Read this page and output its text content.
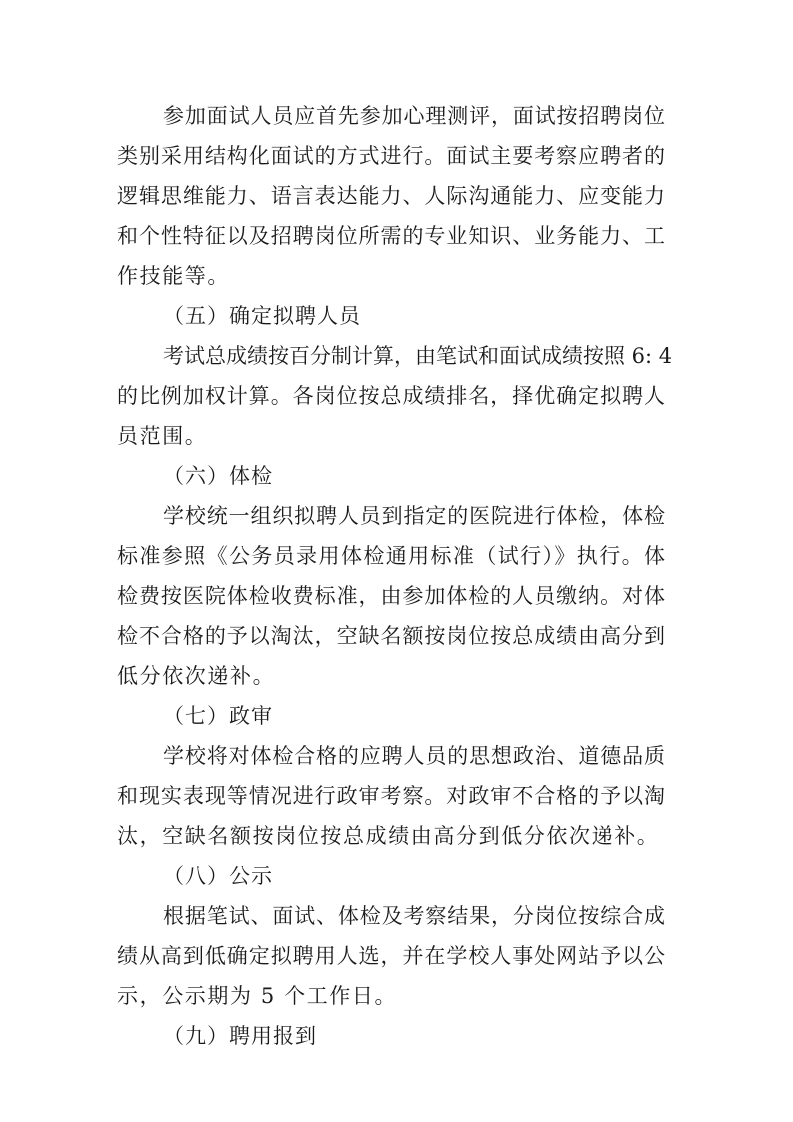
参加面试人员应首先参加心理测评，面试按招聘岗位
类别采用结构化面试的方式进行。面试主要考察应聘者的
逻辑思维能力、语言表达能力、人际沟通能力、应变能力
和个性特征以及招聘岗位所需的专业知识、业务能力、工
作技能等。
（五）确定拟聘人员
考试总成绩按百分制计算，由笔试和面试成绩按照 6: 4
的比例加权计算。各岗位按总成绩排名，择优确定拟聘人
员范围。
（六）体检
学校统一组织拟聘人员到指定的医院进行体检，体检
标准参照《公务员录用体检通用标准（试行）》执行。体
检费按医院体检收费标准，由参加体检的人员缴纳。对体
检不合格的予以淘汰，空缺名额按岗位按总成绩由高分到
低分依次递补。
（七）政审
学校将对体检合格的应聘人员的思想政治、道德品质
和现实表现等情况进行政审考察。对政审不合格的予以淘
汰，空缺名额按岗位按总成绩由高分到低分依次递补。
（八）公示
根据笔试、面试、体检及考察结果，分岗位按综合成
绩从高到低确定拟聘用人选，并在学校人事处网站予以公
示，公示期为 5 个工作日。
（九）聘用报到
